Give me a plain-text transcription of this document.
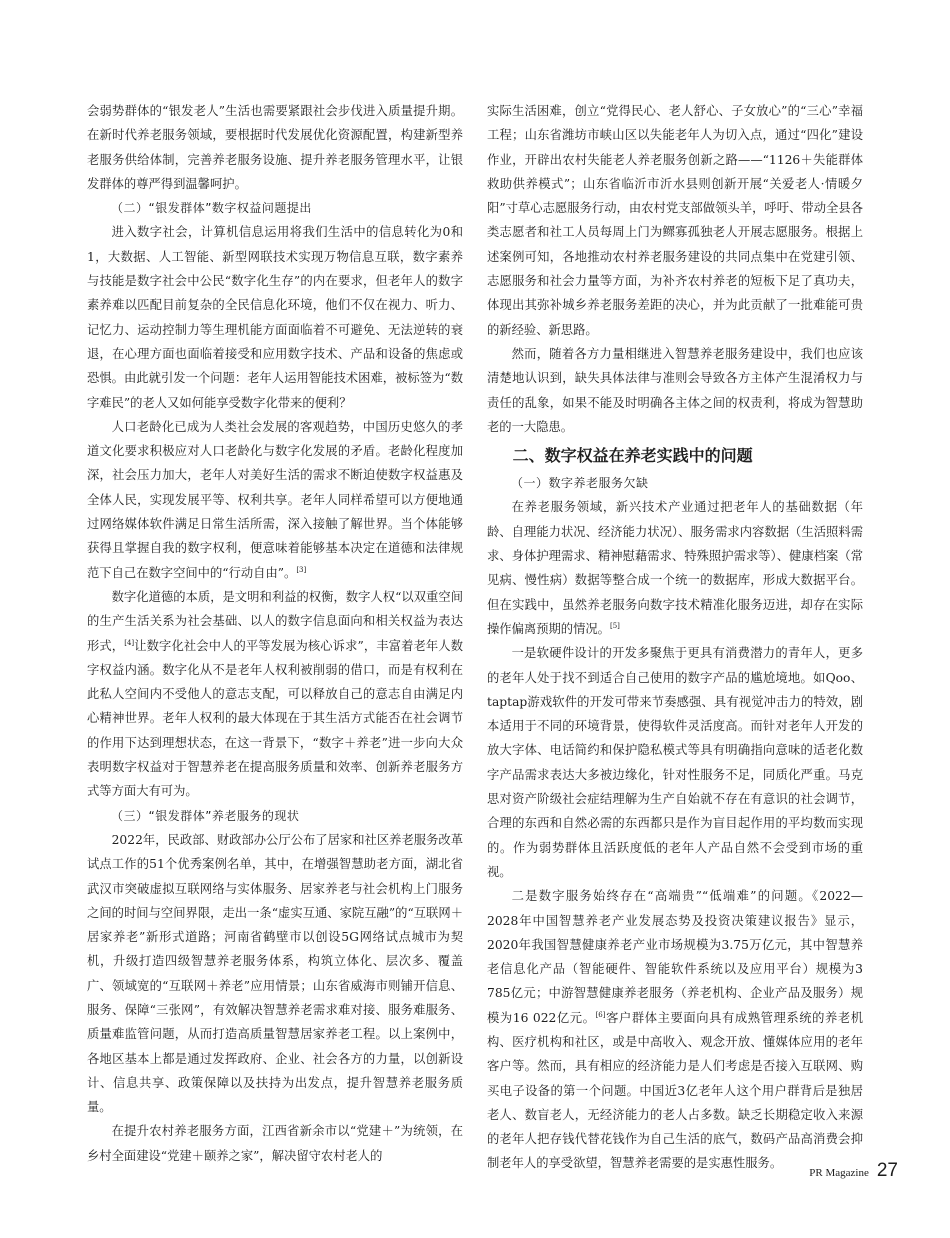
会弱势群体的“银发老人”生活也需要紧跟社会步伐进入质量提升期。在新时代养老服务领域，要根据时代发展优化资源配置，构建新型养老服务供给体制，完善养老服务设施、提升养老服务管理水平，让银发群体的尊严得到温馨呵护。

（二）“银发群体”数字权益问题提出

进入数字社会，计算机信息运用将我们生活中的信息转化为0和1，大数据、人工智能、新型网联技术实现万物信息互联，数字素养与技能是数字社会中公民“数字化生存”的内在要求，但老年人的数字素养难以匹配目前复杂的全民信息化环境，他们不仅在视力、听力、记忆力、运动控制力等生理机能方面面临着不可避免、无法逆转的衰退，在心理方面也面临着接受和应用数字技术、产品和设备的焦虑或恐惧。由此就引发一个问题：老年人运用智能技术困难，被标签为“数字难民”的老人又如何能享受数字化带来的便利？

人口老龄化已成为人类社会发展的客观趋势，中国历史悠久的孝道文化要求积极应对人口老龄化与数字化发展的矛盾。老龄化程度加深，社会压力加大，老年人对美好生活的需求不断迫使数字权益惠及全体人民，实现发展平等、权利共享。老年人同样希望可以方便地通过网络媒体软件满足日常生活所需，深入接触了解世界。当个体能够获得且掌握自我的数字权利，便意味着能够基本决定在道德和法律规范下自己在数字空间中的“行动自由”。[3]

数字化道德的本质，是文明和利益的权衡，数字人权“以双重空间的生产生活关系为社会基础、以人的数字信息面向和相关权益为表达形式，[4]让数字化社会中人的平等发展为核心诉求”，丰富着老年人数字权益内涵。数字化从不是老年人权利被削弱的借口，而是有权利在此私人空间内不受他人的意志支配，可以释放自己的意志自由满足内心精神世界。老年人权利的最大体现在于其生活方式能否在社会调节的作用下达到理想状态，在这一背景下，“数字＋养老”进一步向大众表明数字权益对于智慧养老在提高服务质量和效率、创新养老服务方式等方面大有可为。

（三）“银发群体”养老服务的现状

2022年，民政部、财政部办公厅公布了居家和社区养老服务改革试点工作的51个优秀案例名单，其中，在增强智慧助老方面，湖北省武汉市突破虚拟互联网络与实体服务、居家养老与社会机构上门服务之间的时间与空间界限，走出一条“虚实互通、家院互融”的“互联网＋居家养老”新形式道路；河南省鹤壁市以创设5G网络试点城市为契机，升级打造四级智慧养老服务体系，构筑立体化、层次多、覆盖广、领域宽的“互联网＋养老”应用情景；山东省威海市则铺开信息、服务、保障“三张网”，有效解决智慧养老需求难对接、服务难服务、质量难监管问题，从而打造高质量智慧居家养老工程。以上案例中，各地区基本上都是通过发挥政府、企业、社会各方的力量，以创新设计、信息共享、政策保障以及扶持为出发点，提升智慧养老服务质量。

在提升农村养老服务方面，江西省新余市以“党建＋”为统领，在乡村全面建设“党建＋颐养之家”，解决留守农村老人的

实际生活困难，创立“党得民心、老人舒心、子女放心”的“三心”幸福工程；山东省潍坊市峡山区以失能老年人为切入点，通过“四化”建设作业，开辟出农村失能老人养老服务创新之路——“1126＋失能群体救助供养模式”；山东省临沂市沂水县则创新开展“关爱老人·情暖夕阳”寸草心志愿服务行动，由农村党支部做领头羊，呼吁、带动全县各类志愿者和社工人员每周上门为鳏寡孤独老人开展志愿服务。根据上述案例可知，各地推动农村养老服务建设的共同点集中在党建引领、志愿服务和社会力量等方面，为补齐农村养老的短板下足了真功夫，体现出其弥补城乡养老服务差距的决心，并为此贡献了一批难能可贵的新经验、新思路。

然而，随着各方力量相继进入智慧养老服务建设中，我们也应该清楚地认识到，缺失具体法律与准则会导致各方主体产生混淆权力与责任的乱象，如果不能及时明确各主体之间的权责利，将成为智慧助老的一大隐患。

二、数字权益在养老实践中的问题

（一）数字养老服务欠缺

在养老服务领域，新兴技术产业通过把老年人的基础数据（年龄、自理能力状况、经济能力状况）、服务需求内容数据（生活照料需求、身体护理需求、精神慰藉需求、特殊照护需求等）、健康档案（常见病、慢性病）数据等整合成一个统一的数据库，形成大数据平台。但在实践中，虽然养老服务向数字技术精准化服务迈进，却存在实际操作偏离预期的情况。[5]

一是软硬件设计的开发多聚焦于更具有消费潜力的青年人，更多的老年人处于找不到适合自己使用的数字产品的尴尬境地。如Qoo、taptap游戏软件的开发可带来节奏感强、具有视觉冲击力的特效，剧本适用于不同的环境背景，使得软件灵活度高。而针对老年人开发的放大字体、电话简约和保护隐私模式等具有明确指向意味的适老化数字产品需求表达大多被边缘化，针对性服务不足，同质化严重。马克思对资产阶级社会症结理解为生产自始就不存在有意识的社会调节，合理的东西和自然必需的东西都只是作为盲目起作用的平均数而实现的。作为弱势群体且活跃度低的老年人产品自然不会受到市场的重视。

二是数字服务始终存在“高端贵”“低端难”的问题。《2022—2028年中国智慧养老产业发展态势及投资决策建议报告》显示，2020年我国智慧健康养老产业市场规模为3.75万亿元，其中智慧养老信息化产品（智能硬件、智能软件系统以及应用平台）规模为3 785亿元；中游智慧健康养老服务（养老机构、企业产品及服务）规模为16 022亿元。[6]客户群体主要面向具有成熟管理系统的养老机构、医疗机构和社区，或是中高收入、观念开放、懂媒体应用的老年客户等。然而，具有相应的经济能力是人们考虑是否接入互联网、购买电子设备的第一个问题。中国近3亿老年人这个用户群背后是独居老人、数盲老人，无经济能力的老人占多数。缺乏长期稳定收入来源的老年人把存钱代替花钱作为自己生活的底气，数码产品高消费会抑制老年人的享受欲望，智慧养老需要的是实惠性服务。

PR Magazine 27
